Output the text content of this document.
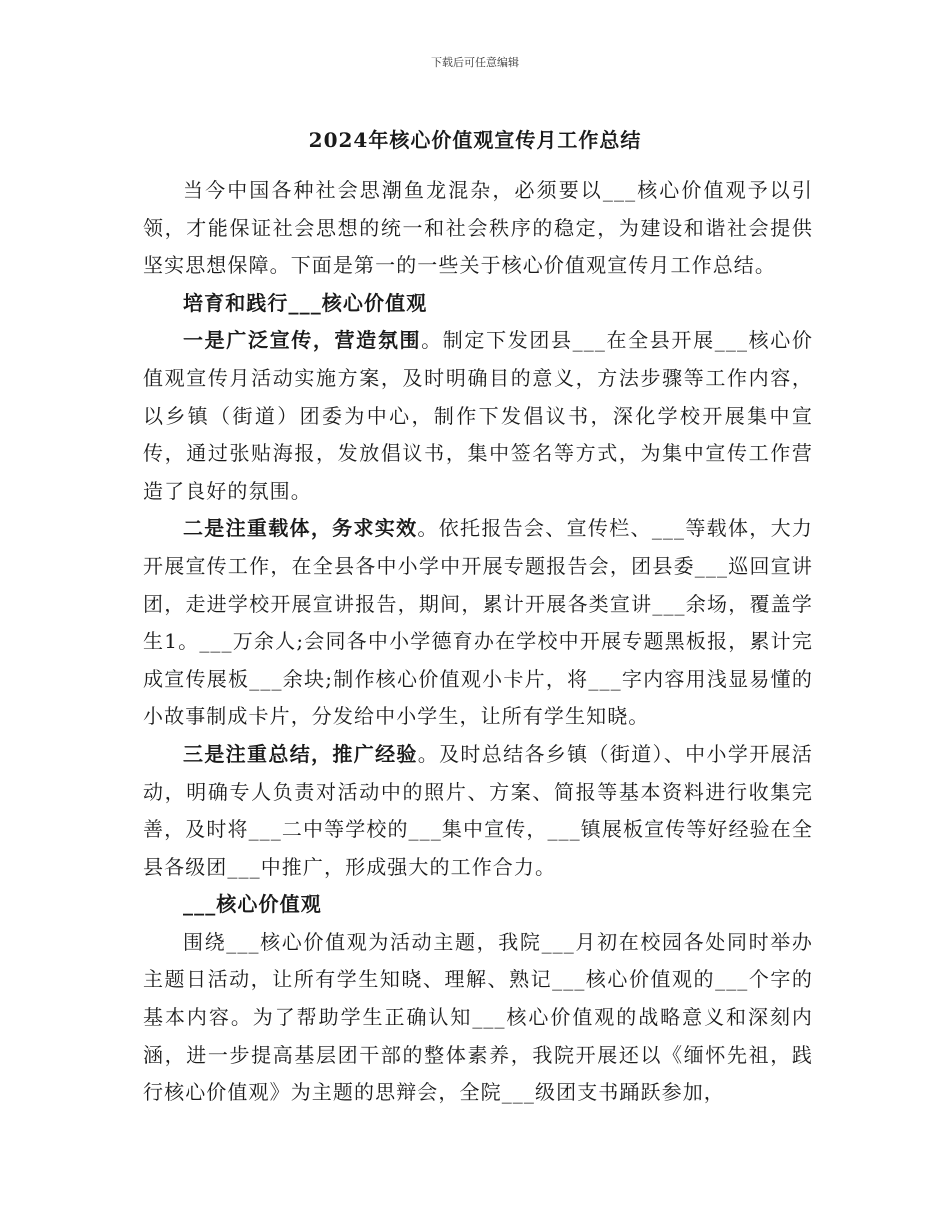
下载后可任意编辑
2024年核心价值观宣传月工作总结

当今中国各种社会思潮鱼龙混杂，必须要以___核心价值观予以引领，才能保证社会思想的统一和社会秩序的稳定，为建设和谐社会提供坚实思想保障。下面是第一的一些关于核心价值观宣传月工作总结。

培育和践行___核心价值观

一是广泛宣传，营造氛围。制定下发团县___在全县开展___核心价值观宣传月活动实施方案，及时明确目的意义，方法步骤等工作内容，以乡镇（街道）团委为中心，制作下发倡议书，深化学校开展集中宣传，通过张贴海报，发放倡议书，集中签名等方式，为集中宣传工作营造了良好的氛围。

二是注重载体，务求实效。依托报告会、宣传栏、___等载体，大力开展宣传工作，在全县各中小学中开展专题报告会，团县委___巡回宣讲团，走进学校开展宣讲报告，期间，累计开展各类宣讲___余场，覆盖学生1。___万余人;会同各中小学德育办在学校中开展专题黑板报，累计完成宣传展板___余块;制作核心价值观小卡片，将___字内容用浅显易懂的小故事制成卡片，分发给中小学生，让所有学生知晓。

三是注重总结，推广经验。及时总结各乡镇（街道）、中小学开展活动，明确专人负责对活动中的照片、方案、简报等基本资料进行收集完善，及时将___二中等学校的___集中宣传，___镇展板宣传等好经验在全县各级团___中推广，形成强大的工作合力。

___核心价值观

围绕___核心价值观为活动主题，我院___月初在校园各处同时举办主题日活动，让所有学生知晓、理解、熟记___核心价值观的___个字的基本内容。为了帮助学生正确认知___核心价值观的战略意义和深刻内涵，进一步提高基层团干部的整体素养，我院开展还以《缅怀先祖，践行核心价值观》为主题的思辩会，全院___级团支书踊跃参加，
